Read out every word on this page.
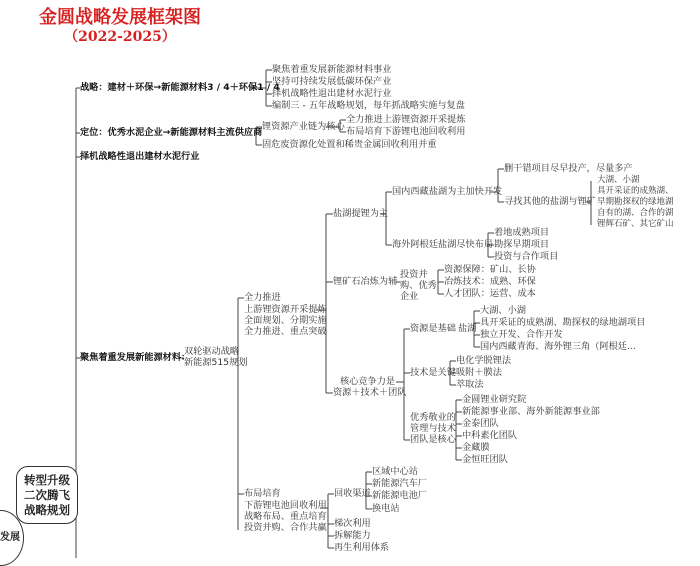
金圆战略发展框架图
（2022-2025）
发展
转型升级
二次腾飞
战略规划
战略：建材＋环保→新能源材料3 / 4＋环保1 / 4
聚焦着重发展新能源材料事业
坚持可持续发展低碳环保产业
择机战略性退出建材水泥行业
编制三 - 五年战略规划，每年抓战略实施与复盘
定位：优秀水泥企业→新能源材料主流供应商
锂资源产业链为核心
全力推进上游锂资源开采提炼
布局培育下游锂电池回收利用
固危废资源化处置和稀贵金属回收利用并重
择机战略性退出建材水泥行业
聚焦着重发展新能源材料：
双轮驱动战略
新能源515规划
全力推进
上游锂资源开采提炼
全面规划、分期实施
全力推进、重点突破
布局培育
下游锂电池回收利用
战略布局、重点培育
投资并购、合作共赢
盐湖提锂为主
国内西藏盐湖为主加快开发
删干错项目尽早投产，尽量多产
寻找其他的盐湖与锂矿
大湖、小湖
具开采证的成熟湖、
早期勘探权的绿地湖
自有的湖、合作的湖
锂辉石矿、其它矿山
海外阿根廷盐湖尽快布局
着地成熟项目
勘探早期项目
投资与合作项目
锂矿石冶炼为辅
投资并购、优秀企业
资源保障：矿山、长协
冶炼技术：成熟、环保
人才团队：运营、成本
核心竞争力是
资源＋技术＋团队
资源是基础 盐湖
大湖、小湖
具开采证的成熟湖、勘探权的绿地湖项目
独立开发、合作开发
国内西藏青海、海外锂三角（阿根廷...
技术是关键
电化学脱锂法
吸附＋膜法
萃取法
优秀敬业的
管理与技术
团队是核心
金圆锂业研究院
新能源事业部、海外新能源事业部
金泰团队
中科素化团队
金藏膜
金恒旺团队
回收渠道
区域中心站
新能源汽车厂
新能源电池厂
换电站
梯次利用
拆解能力
再生利用体系
